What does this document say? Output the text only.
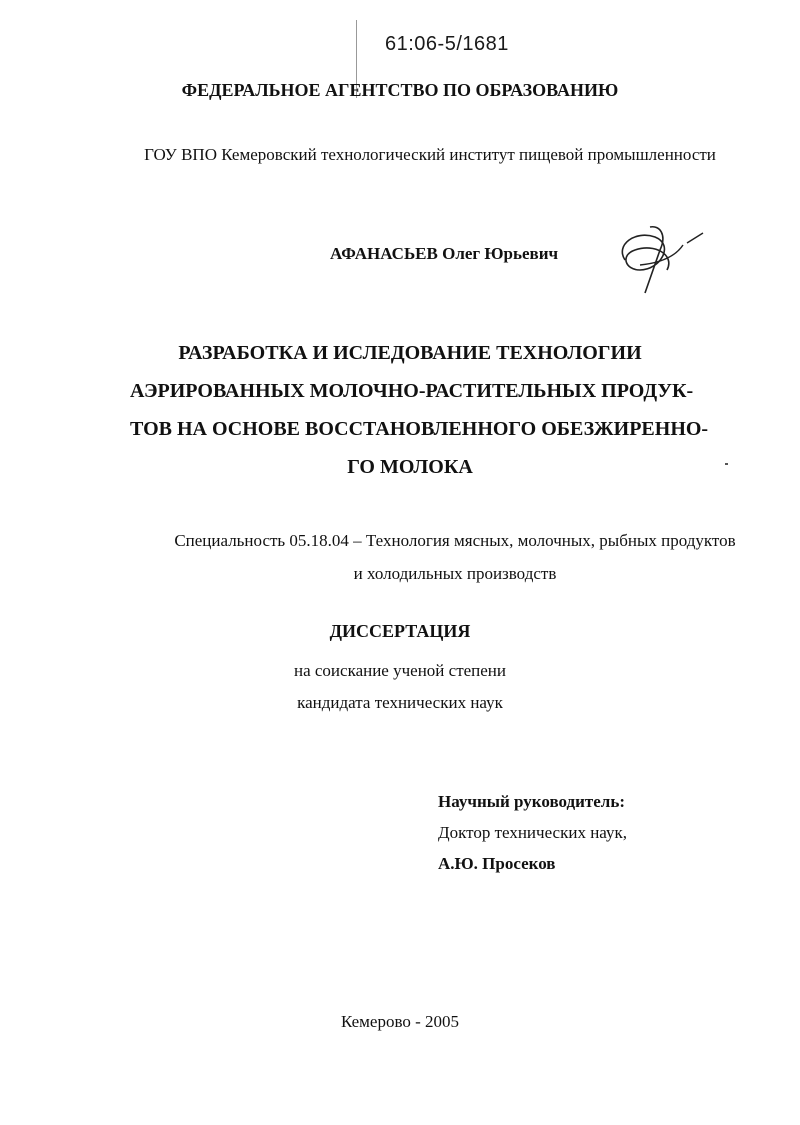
61:06-5/1681
ФЕДЕРАЛЬНОЕ АГЕНТСТВО ПО ОБРАЗОВАНИЮ
ГОУ ВПО Кемеровский технологический институт пищевой промышленности
АФАНАСЬЕВ Олег Юрьевич
РАЗРАБОТКА И ИСЛЕДОВАНИЕ ТЕХНОЛОГИИ
АЭРИРОВАННЫХ МОЛОЧНО-РАСТИТЕЛЬНЫХ ПРОДУК-
ТОВ НА ОСНОВЕ ВОССТАНОВЛЕННОГО ОБЕЗЖИРЕННО-
ГО МОЛОКА
Специальность 05.18.04 – Технология мясных, молочных, рыбных продуктов
и холодильных производств
ДИССЕРТАЦИЯ
на соискание ученой степени
кандидата технических наук
Научный руководитель:
Доктор технических наук,
А.Ю. Просеков
Кемерово - 2005
